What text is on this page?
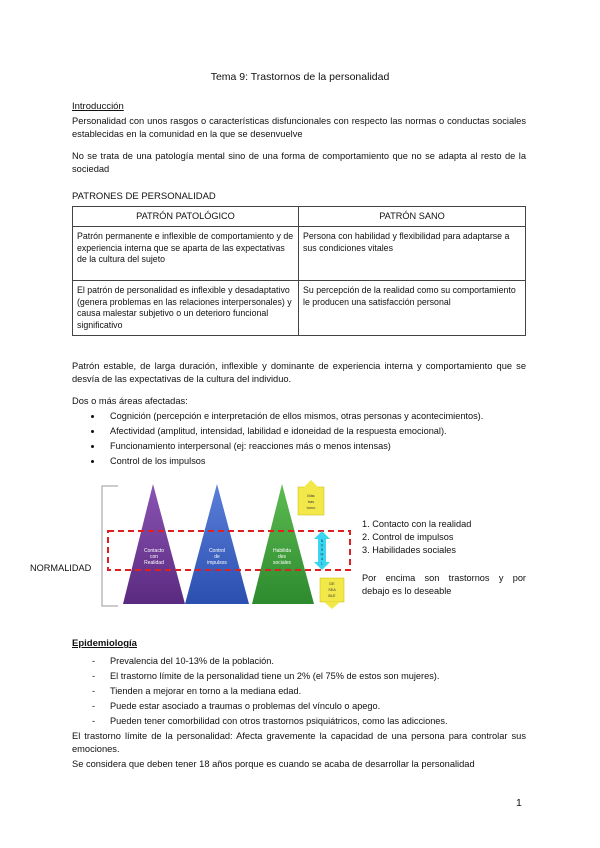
Tema 9: Trastornos de la personalidad
Introducción
Personalidad con unos rasgos o características disfuncionales con respecto las normas o conductas sociales establecidas en la comunidad en la que se desenvuelve
No se trata de una patología mental sino de una forma de comportamiento que no se adapta al resto de la sociedad
PATRONES DE PERSONALIDAD
PATRÓN PATOLÓGICO	PATRÓN SANO
Patrón permanente e inflexible de comportamiento y de experiencia interna que se aparta de las expectativas de la cultura del sujeto	Persona con habilidad y flexibilidad para adaptarse a sus condiciones vitales
El patrón de personalidad es inflexible y desadaptativo (genera problemas en las relaciones interpersonales) y causa malestar subjetivo o un deterioro funcional significativo	Su percepción de la realidad como su comportamiento le producen una satisfacción personal
Patrón estable, de larga duración, inflexible y dominante de experiencia interna y comportamiento que se desvía de las expectativas de la cultura del individuo.
Dos o más áreas afectadas:
Cognición (percepción e interpretación de ellos mismos, otras personas y acontecimientos).
Afectividad (amplitud, intensidad, labilidad e idoneidad de la respuesta emocional).
Funcionamiento interpersonal (ej: reacciones más o menos intensas)
Control de los impulsos
Contacto con Realidad
Control de impulsos
Habilida des sociales
Más tras torno
N O R M A L
DE SEA BLE
NORMALIDAD
1. Contacto con la realidad
2. Control de impulsos
3. Habilidades sociales
Por encima son trastornos y por
debajo es lo deseable
Epidemiología
- Prevalencia del 10-13% de la población.
- El trastorno límite de la personalidad tiene un 2% (el 75% de estos son mujeres).
- Tienden a mejorar en torno a la mediana edad.
- Puede estar asociado a traumas o problemas del vínculo o apego.
- Pueden tener comorbilidad con otros trastornos psiquiátricos, como las adicciones.
El trastorno límite de la personalidad: Afecta gravemente la capacidad de una persona para controlar sus emociones.
Se considera que deben tener 18 años porque es cuando se acaba de desarrollar la personalidad
1
